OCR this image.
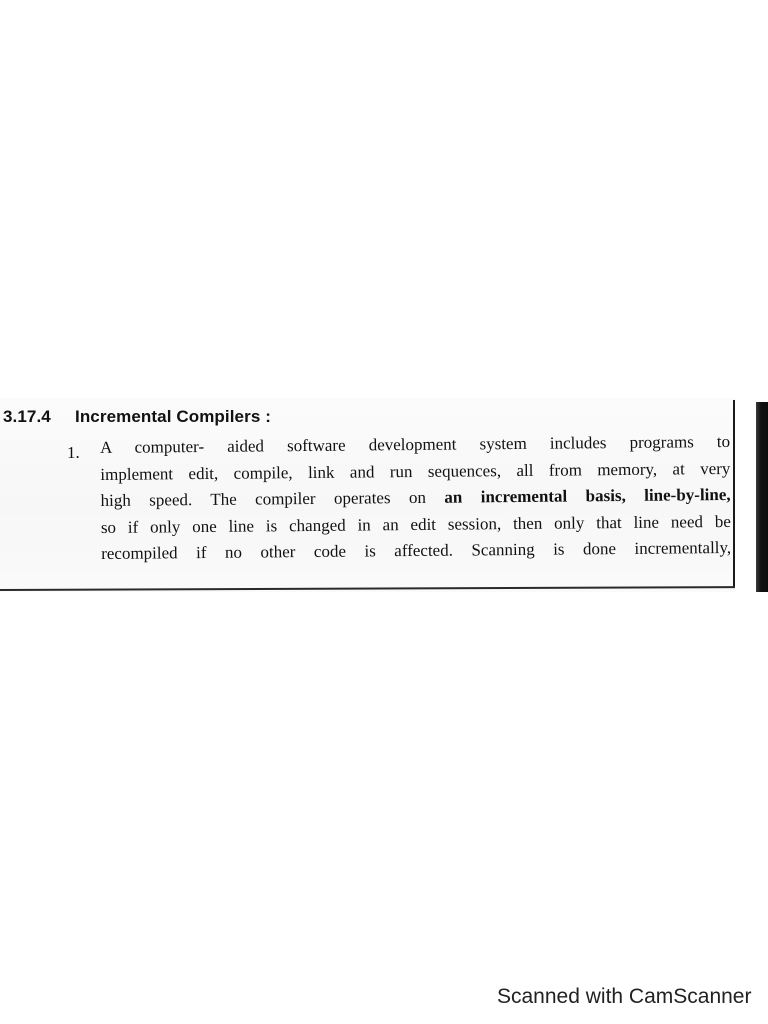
3.17.4 Incremental Compilers :
1. A computer- aided software development system includes programs to
implement edit, compile, link and run sequences, all from memory, at very
high speed. The compiler operates on an incremental basis, line-by-line,
so if only one line is changed in an edit session, then only that line need be
recompiled if no other code is affected. Scanning is done incrementally,
Scanned with CamScanner
